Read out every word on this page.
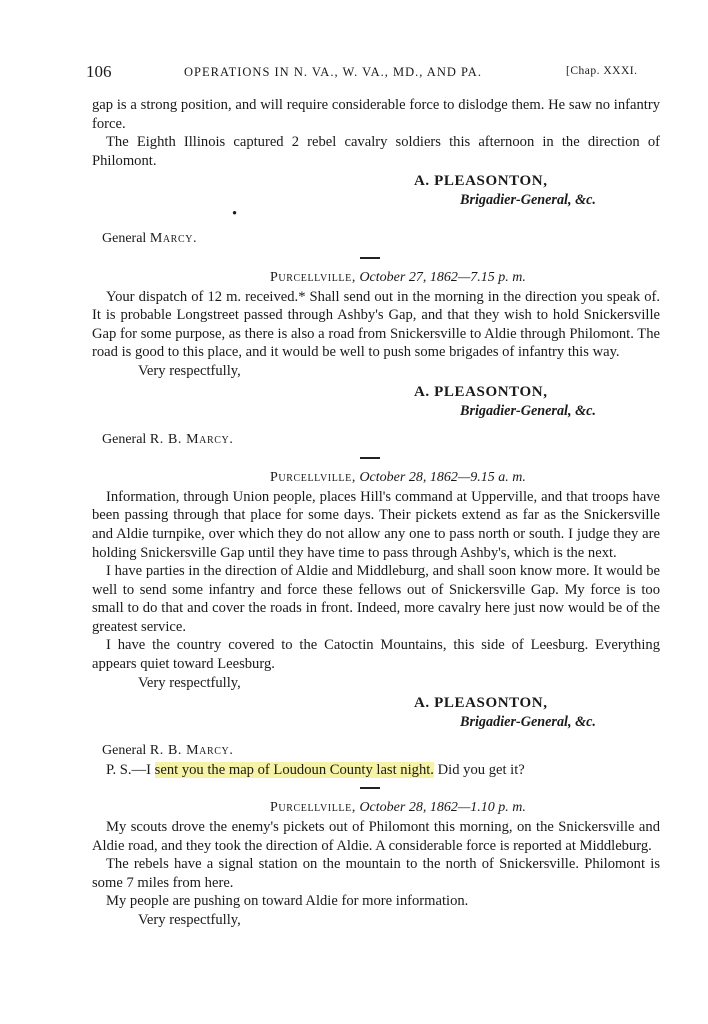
106	OPERATIONS IN N. VA., W. VA., MD., AND PA.	[Chap. XXXI.

gap is a strong position, and will require considerable force to dislodge them. He saw no infantry force.

The Eighth Illinois captured 2 rebel cavalry soldiers this afternoon in the direction of Philomont.

A. PLEASONTON,
Brigadier-General, &c.

•

General Marcy.

Purcellville, October 27, 1862—7.15 p. m.

Your dispatch of 12 m. received.* Shall send out in the morning in the direction you speak of. It is probable Longstreet passed through Ashby's Gap, and that they wish to hold Snickersville Gap for some purpose, as there is also a road from Snickersville to Aldie through Philomont. The road is good to this place, and it would be well to push some brigades of infantry this way.

Very respectfully,

A. PLEASONTON,
Brigadier-General, &c.

General R. B. Marcy.

Purcellville, October 28, 1862—9.15 a. m.

Information, through Union people, places Hill's command at Upperville, and that troops have been passing through that place for some days. Their pickets extend as far as the Snickersville and Aldie turnpike, over which they do not allow any one to pass north or south. I judge they are holding Snickersville Gap until they have time to pass through Ashby's, which is the next.

I have parties in the direction of Aldie and Middleburg, and shall soon know more. It would be well to send some infantry and force these fellows out of Snickersville Gap. My force is too small to do that and cover the roads in front. Indeed, more cavalry here just now would be of the greatest service.

I have the country covered to the Catoctin Mountains, this side of Leesburg. Everything appears quiet toward Leesburg.

Very respectfully,

A. PLEASONTON,
Brigadier-General, &c.

General R. B. Marcy.

P. S.—I sent you the map of Loudoun County last night. Did you get it?

Purcellville, October 28, 1862—1.10 p. m.

My scouts drove the enemy's pickets out of Philomont this morning, on the Snickersville and Aldie road, and they took the direction of Aldie. A considerable force is reported at Middleburg.

The rebels have a signal station on the mountain to the north of Snickersville. Philomont is some 7 miles from here.

My people are pushing on toward Aldie for more information.

Very respectfully,
